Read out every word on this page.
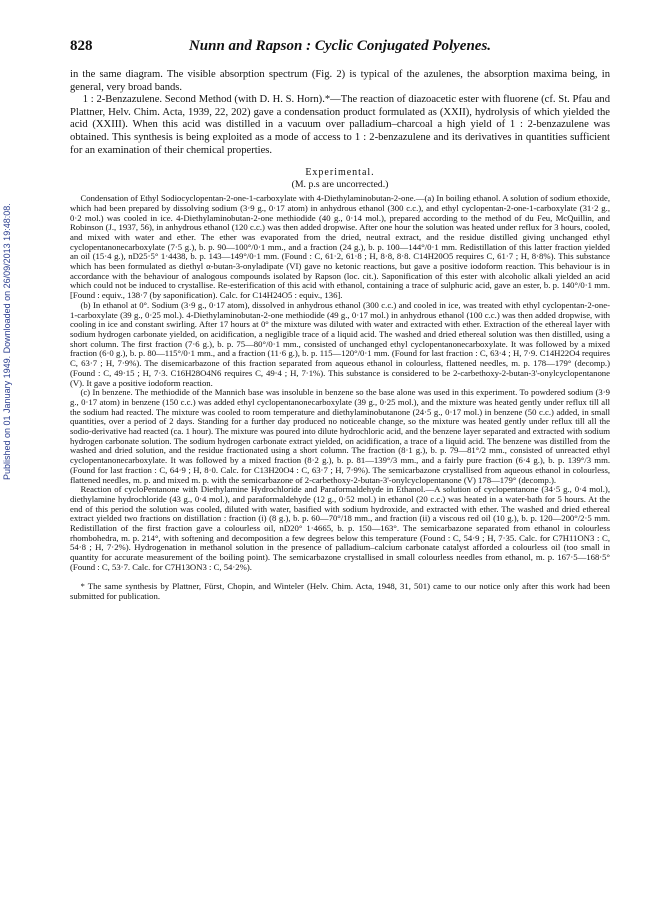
828	Nunn and Rapson : Cyclic Conjugated Polyenes.
Published on 01 January 1949. Downloaded on 26/09/2013 19:48:08.

in the same diagram. The visible absorption spectrum (Fig. 2) is typical of the azulenes, the absorption maxima being, in general, very broad bands.

1 : 2-Benzazulene. Second Method (with D. H. S. Horn).*—The reaction of diazoacetic ester with fluorene (cf. St. Pfau and Plattner, Helv. Chim. Acta, 1939, 22, 202) gave a condensation product formulated as (XXII), hydrolysis of which yielded the acid (XXIII). When this acid was distilled in a vacuum over palladium–charcoal a high yield of 1 : 2-benzazulene was obtained. This synthesis is being exploited as a mode of access to 1 : 2-benzazulene and its derivatives in quantities sufficient for an examination of their chemical properties.

Experimental.
(M. p.s are uncorrected.)

Condensation of Ethyl Sodiocyclopentan-2-one-1-carboxylate with 4-Diethylaminobutan-2-one.—(a) In boiling ethanol. A solution of sodium ethoxide, which had been prepared by dissolving sodium (3·9 g., 0·17 atom) in anhydrous ethanol (300 c.c.), and ethyl cyclopentan-2-one-1-carboxylate (31·2 g., 0·2 mol.) was cooled in ice. 4-Diethylaminobutan-2-one methiodide (40 g., 0·14 mol.), prepared according to the method of du Feu, McQuillin, and Robinson (J., 1937, 56), in anhydrous ethanol (120 c.c.) was then added dropwise. After one hour the solution was heated under reflux for 3 hours, cooled, and mixed with water and ether. The ether was evaporated from the dried, neutral extract, and the residue distilled giving unchanged ethyl cyclopentanonecarboxylate (7·5 g.), b. p. 90—100°/0·1 mm., and a fraction (24 g.), b. p. 100—144°/0·1 mm. Redistillation of this latter fraction yielded an oil (15·4 g.), nD25·5° 1·4438, b. p. 143—149°/0·1 mm. (Found : C, 61·2, 61·8 ; H, 8·8, 8·8. C14H20O5 requires C, 61·7 ; H, 8·8%). This substance which has been formulated as diethyl α-butan-3-onyladipate (VI) gave no ketonic reactions, but gave a positive iodoform reaction. This behaviour is in accordance with the behaviour of analogous compounds isolated by Rapson (loc. cit.). Saponification of this ester with alcoholic alkali yielded an acid which could not be induced to crystallise. Re-esterification of this acid with ethanol, containing a trace of sulphuric acid, gave an ester, b. p. 140°/0·1 mm. [Found : equiv., 138·7 (by saponification). Calc. for C14H24O5 : equiv., 136].

(b) In ethanol at 0°. Sodium (3·9 g., 0·17 atom), dissolved in anhydrous ethanol (300 c.c.) and cooled in ice, was treated with ethyl cyclopentan-2-one-1-carboxylate (39 g., 0·25 mol.). 4-Diethylaminobutan-2-one methiodide (49 g., 0·17 mol.) in anhydrous ethanol (100 c.c.) was then added dropwise, with cooling in ice and constant swirling. After 17 hours at 0° the mixture was diluted with water and extracted with ether. Extraction of the ethereal layer with sodium hydrogen carbonate yielded, on acidification, a negligible trace of a liquid acid. The washed and dried ethereal solution was then distilled, using a short column. The first fraction (7·6 g.), b. p. 75—80°/0·1 mm., consisted of unchanged ethyl cyclopentanonecarboxylate. It was followed by a mixed fraction (6·0 g.), b. p. 80—115°/0·1 mm., and a fraction (11·6 g.), b. p. 115—120°/0·1 mm. (Found for last fraction : C, 63·4 ; H, 7·9. C14H22O4 requires C, 63·7 ; H, 7·9%). The disemicarbazone of this fraction separated from aqueous ethanol in colourless, flattened needles, m. p. 178—179° (decomp.) (Found : C, 49·15 ; H, 7·3. C16H28O4N6 requires C, 49·4 ; H, 7·1%). This substance is considered to be 2-carbethoxy-2-butan-3'-onylcyclopentanone (V). It gave a positive iodoform reaction.

(c) In benzene. The methiodide of the Mannich base was insoluble in benzene so the base alone was used in this experiment. To powdered sodium (3·9 g., 0·17 atom) in benzene (150 c.c.) was added ethyl cyclopentanonecarboxylate (39 g., 0·25 mol.), and the mixture was heated gently under reflux till all the sodium had reacted. The mixture was cooled to room temperature and diethylaminobutanone (24·5 g., 0·17 mol.) in benzene (50 c.c.) added, in small quantities, over a period of 2 days. Standing for a further day produced no noticeable change, so the mixture was heated gently under reflux till all the sodio-derivative had reacted (ca. 1 hour). The mixture was poured into dilute hydrochloric acid, and the benzene layer separated and extracted with sodium hydrogen carbonate solution. The sodium hydrogen carbonate extract yielded, on acidification, a trace of a liquid acid. The benzene was distilled from the washed and dried solution, and the residue fractionated using a short column. The fraction (8·1 g.), b. p. 79—81°/2 mm., consisted of unreacted ethyl cyclopentanonecarboxylate. It was followed by a mixed fraction (8·2 g.), b. p. 81—139°/3 mm., and a fairly pure fraction (6·4 g.), b. p. 139°/3 mm. (Found for last fraction : C, 64·9 ; H, 8·0. Calc. for C13H20O4 : C, 63·7 ; H, 7·9%). The semicarbazone crystallised from aqueous ethanol in colourless, flattened needles, m. p. and mixed m. p. with the semicarbazone of 2-carbethoxy-2-butan-3'-onylcyclopentanone (V) 178—179° (decomp.).

Reaction of cycloPentanone with Diethylamine Hydrochloride and Paraformaldehyde in Ethanol.—A solution of cyclopentanone (34·5 g., 0·4 mol.), diethylamine hydrochloride (43 g., 0·4 mol.), and paraformaldehyde (12 g., 0·52 mol.) in ethanol (20 c.c.) was heated in a water-bath for 5 hours. At the end of this period the solution was cooled, diluted with water, basified with sodium hydroxide, and extracted with ether. The washed and dried ethereal extract yielded two fractions on distillation : fraction (i) (8 g.), b. p. 60—70°/18 mm., and fraction (ii) a viscous red oil (10 g.), b. p. 120—200°/2·5 mm. Redistillation of the first fraction gave a colourless oil, nD20° 1·4665, b. p. 150—163°. The semicarbazone separated from ethanol in colourless rhombohedra, m. p. 214°, with softening and decomposition a few degrees below this temperature (Found : C, 54·9 ; H, 7·35. Calc. for C7H11ON3 : C, 54·8 ; H, 7·2%). Hydrogenation in methanol solution in the presence of palladium–calcium carbonate catalyst afforded a colourless oil (too small in quantity for accurate measurement of the boiling point). The semicarbazone crystallised in small colourless needles from ethanol, m. p. 167·5—168·5° (Found : C, 53·7. Calc. for C7H13ON3 : C, 54·2%).

* The same synthesis by Plattner, Fürst, Chopin, and Winteler (Helv. Chim. Acta, 1948, 31, 501) came to our notice only after this work had been submitted for publication.
